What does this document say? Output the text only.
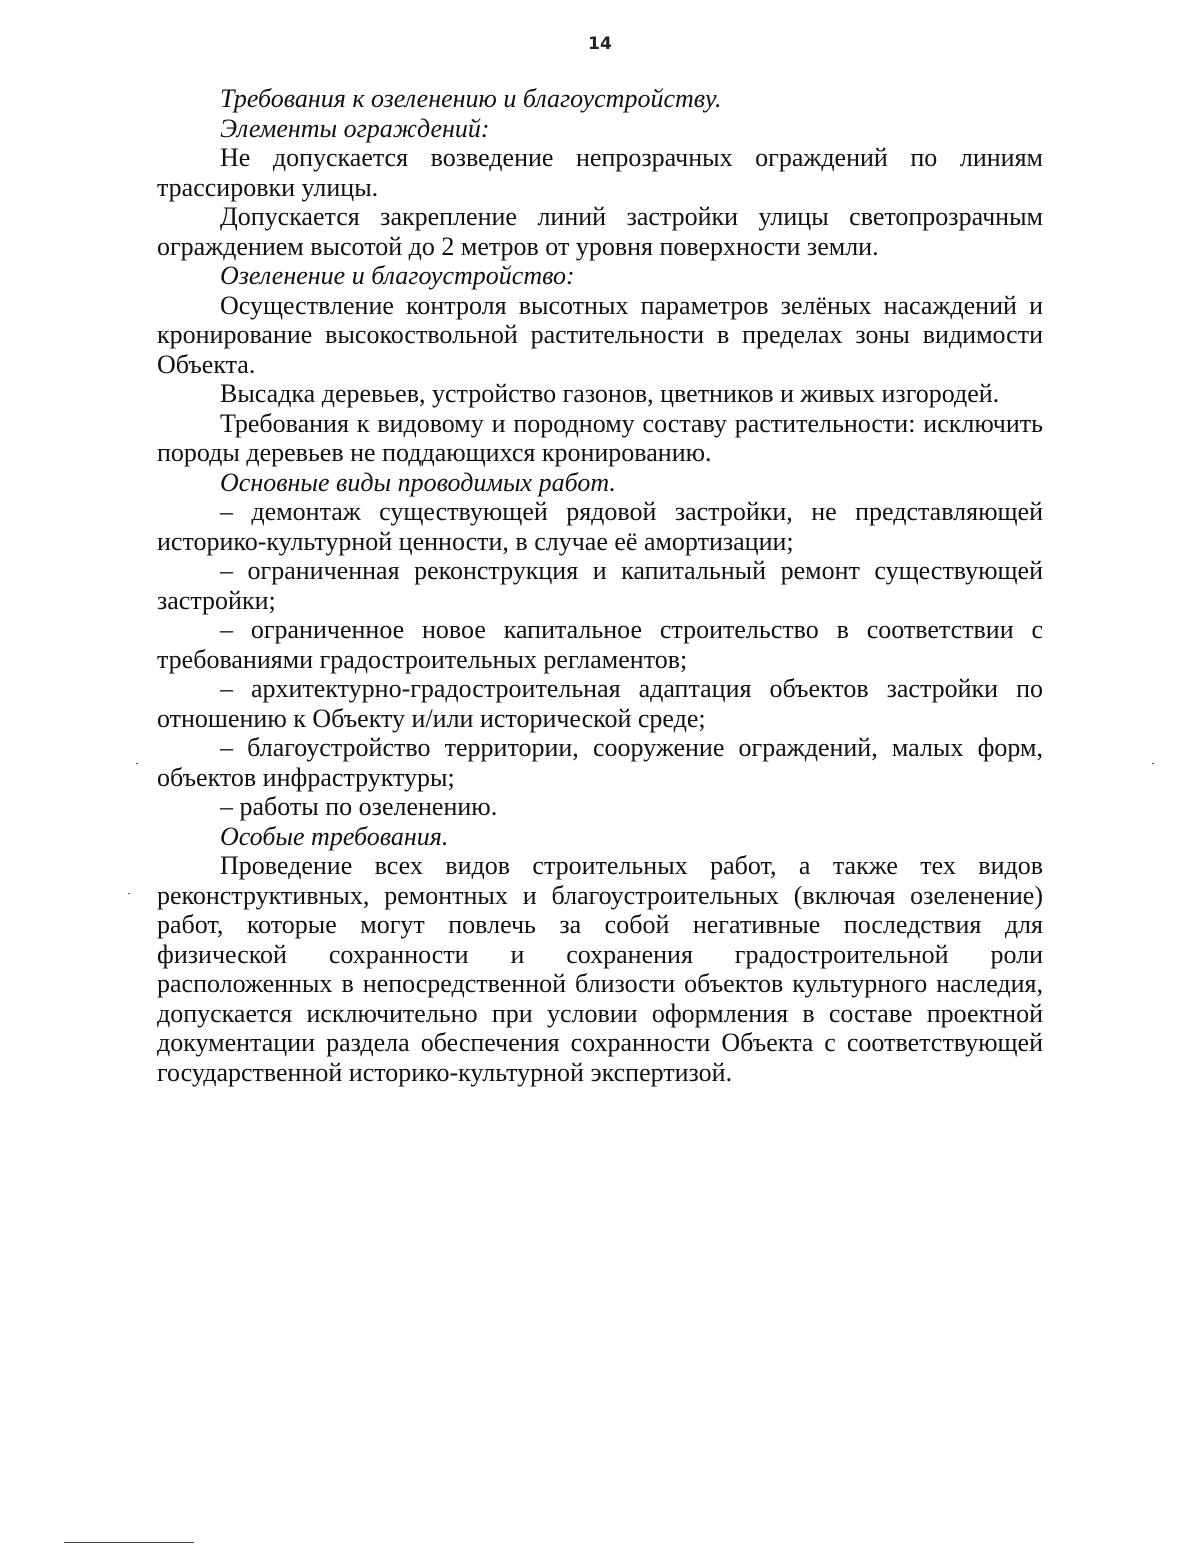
14

Требования к озеленению и благоустройству.

Элементы ограждений:

Не допускается возведение непрозрачных ограждений по линиям трассировки улицы.

Допускается закрепление линий застройки улицы светопрозрачным ограждением высотой до 2 метров от уровня поверхности земли.

Озеленение и благоустройство:

Осуществление контроля высотных параметров зелёных насаждений и кронирование высокоствольной растительности в пределах зоны видимости Объекта.

Высадка деревьев, устройство газонов, цветников и живых изгородей.

Требования к видовому и породному составу растительности: исключить породы деревьев не поддающихся кронированию.

Основные виды проводимых работ.

– демонтаж существующей рядовой застройки, не представляющей историко-культурной ценности, в случае её амортизации;

– ограниченная реконструкция и капитальный ремонт существующей застройки;

– ограниченное новое капитальное строительство в соответствии с требованиями градостроительных регламентов;

– архитектурно-градостроительная адаптация объектов застройки по отношению к Объекту и/или исторической среде;

– благоустройство территории, сооружение ограждений, малых форм, объектов инфраструктуры;

– работы по озеленению.

Особые требования.

Проведение всех видов строительных работ, а также тех видов реконструктивных, ремонтных и благоустроительных (включая озеленение) работ, которые могут повлечь за собой негативные последствия для физической сохранности и сохранения градостроительной роли расположенных в непосредственной близости объектов культурного наследия, допускается исключительно при условии оформления в составе проектной документации раздела обеспечения сохранности Объекта с соответствующей государственной историко-культурной экспертизой.
